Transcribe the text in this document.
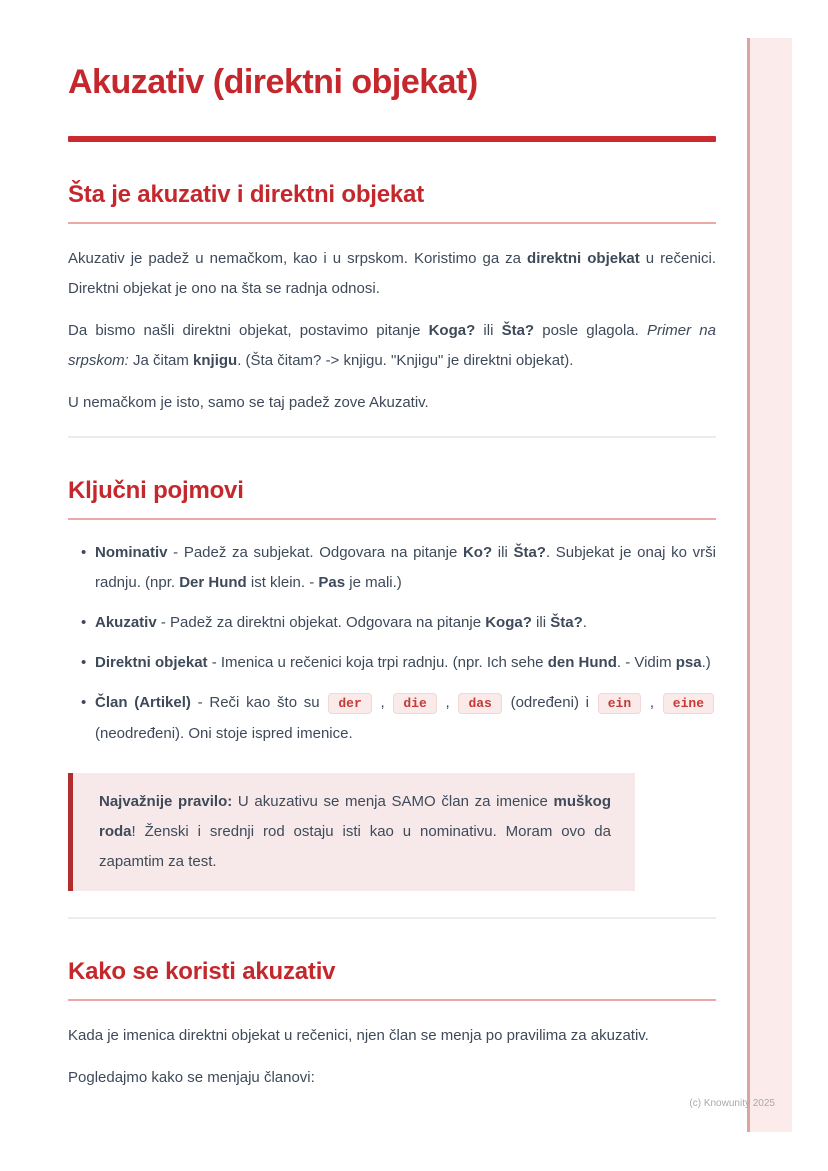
Akuzativ (direktni objekat)
Šta je akuzativ i direktni objekat

Akuzativ je padež u nemačkom, kao i u srpskom. Koristimo ga za direktni objekat u rečenici. Direktni objekat je ono na šta se radnja odnosi.

Da bismo našli direktni objekat, postavimo pitanje Koga? ili Šta? posle glagola. Primer na srpskom: Ja čitam knjigu. (Šta čitam? -> knjigu. "Knjigu" je direktni objekat).

U nemačkom je isto, samo se taj padež zove Akuzativ.

Ključni pojmovi
• Nominativ - Padež za subjekat. Odgovara na pitanje Ko? ili Šta?. Subjekat je onaj ko vrši radnju. (npr. Der Hund ist klein. - Pas je mali.)
• Akuzativ - Padež za direktni objekat. Odgovara na pitanje Koga? ili Šta?.
• Direktni objekat - Imenica u rečenici koja trpi radnju. (npr. Ich sehe den Hund. - Vidim psa.)
• Član (Artikel) - Reči kao što su der , die , das (određeni) i ein , eine (neodređeni). Oni stoje ispred imenice.
Najvažnije pravilo: U akuzativu se menja SAMO član za imenice muškog roda! Ženski i srednji rod ostaju isti kao u nominativu. Moram ovo da zapamtim za test.
Kako se koristi akuzativ

Kada je imenica direktni objekat u rečenici, njen član se menja po pravilima za akuzativ.

Pogledajmo kako se menjaju članovi:

(c) Knowunity 2025
